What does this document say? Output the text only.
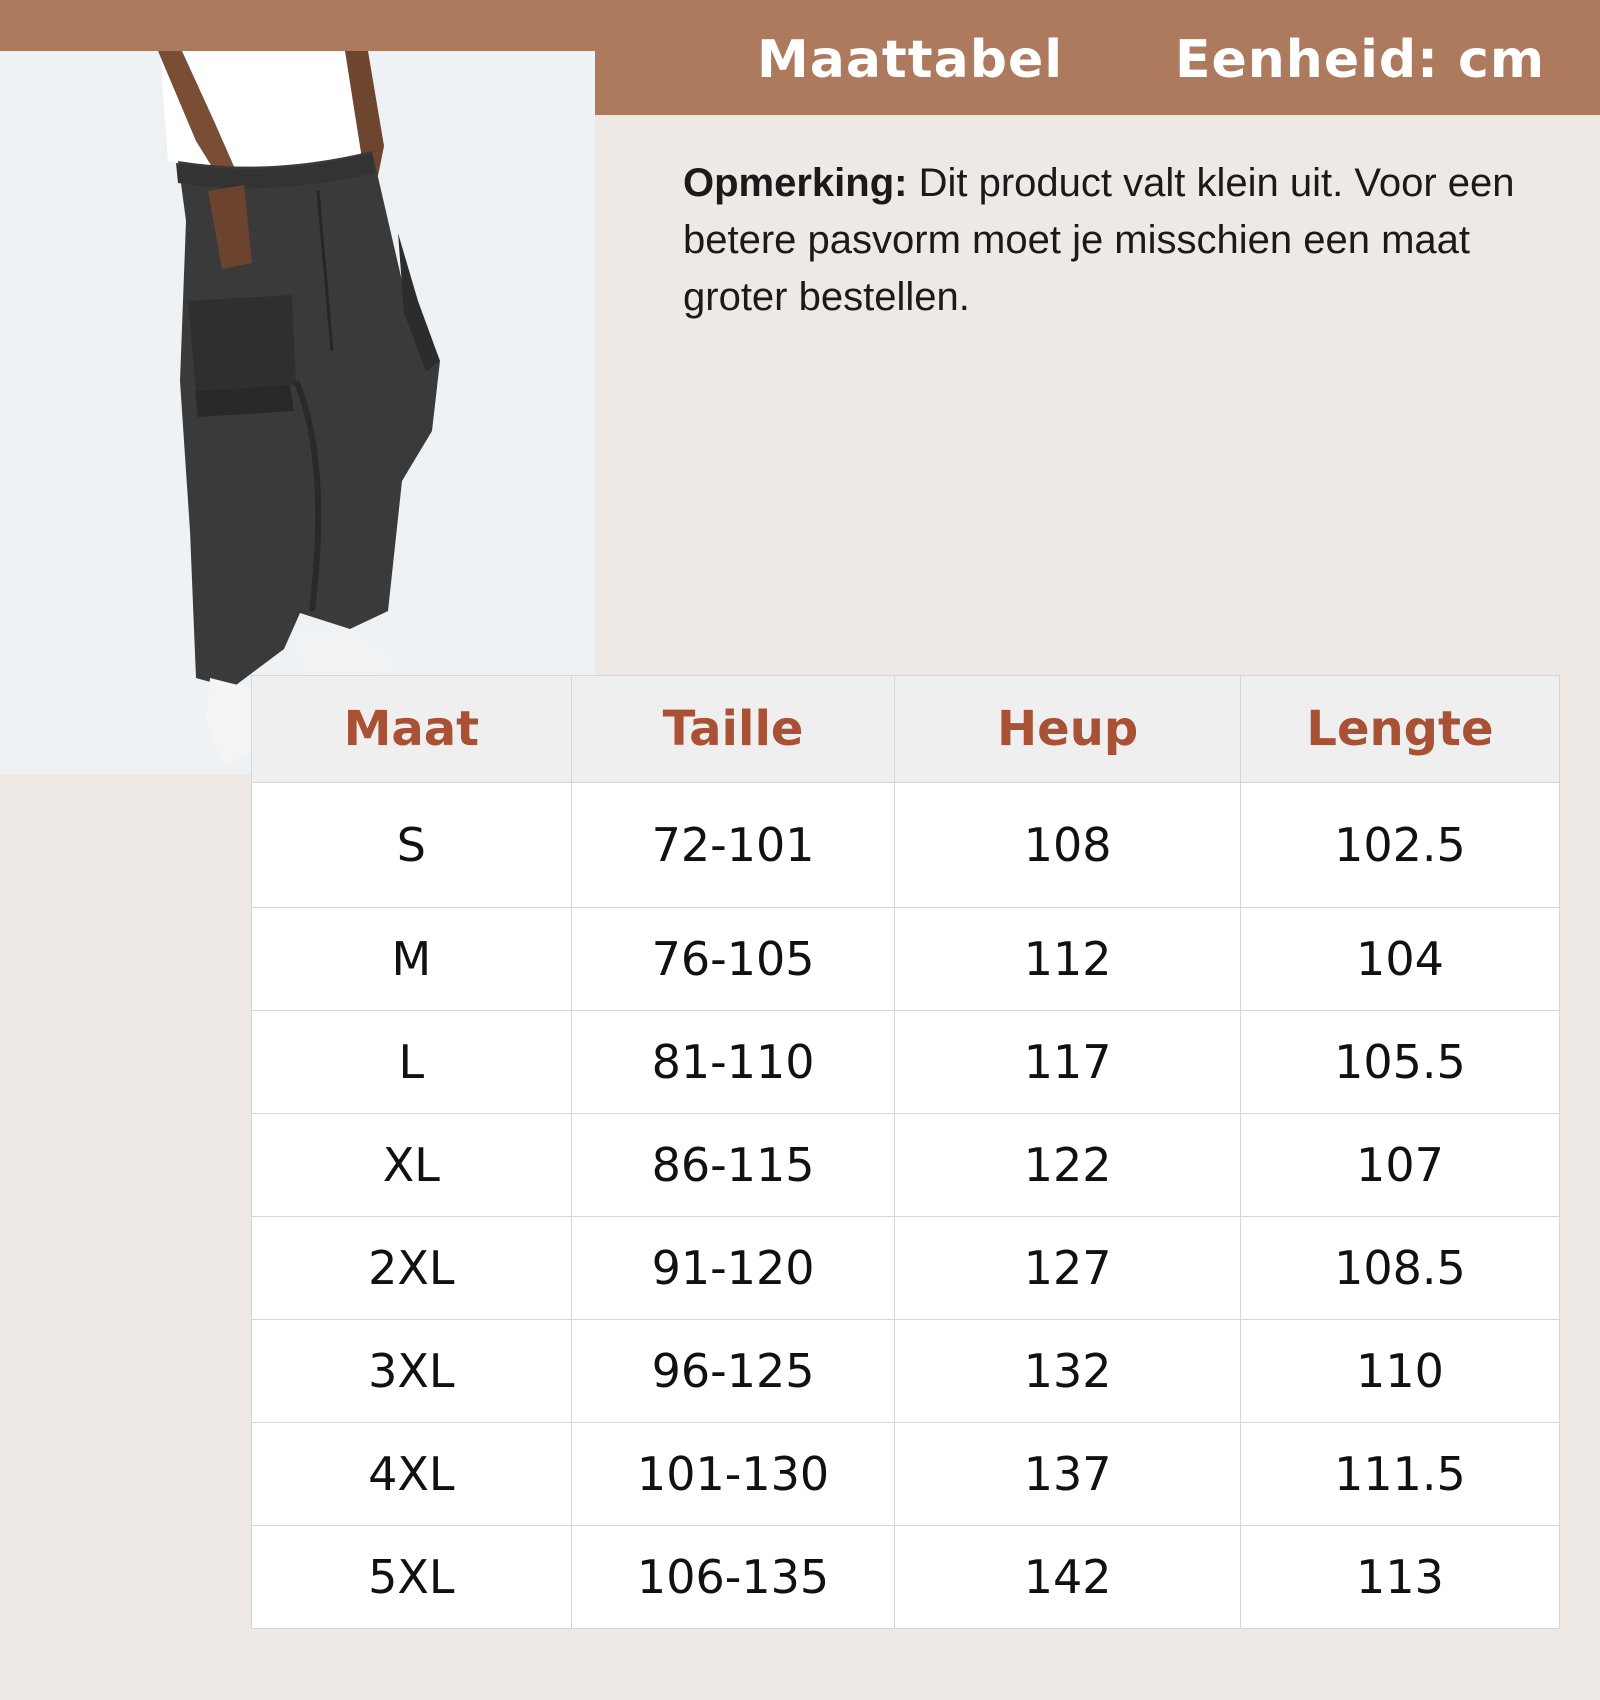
Maattabel Eenheid: cm
Opmerking: Dit product valt klein uit. Voor een betere pasvorm moet je misschien een maat groter bestellen.
Maat	Taille	Heup	Lengte
S	72-101	108	102.5
M	76-105	112	104
L	81-110	117	105.5
XL	86-115	122	107
2XL	91-120	127	108.5
3XL	96-125	132	110
4XL	101-130	137	111.5
5XL	106-135	142	113
